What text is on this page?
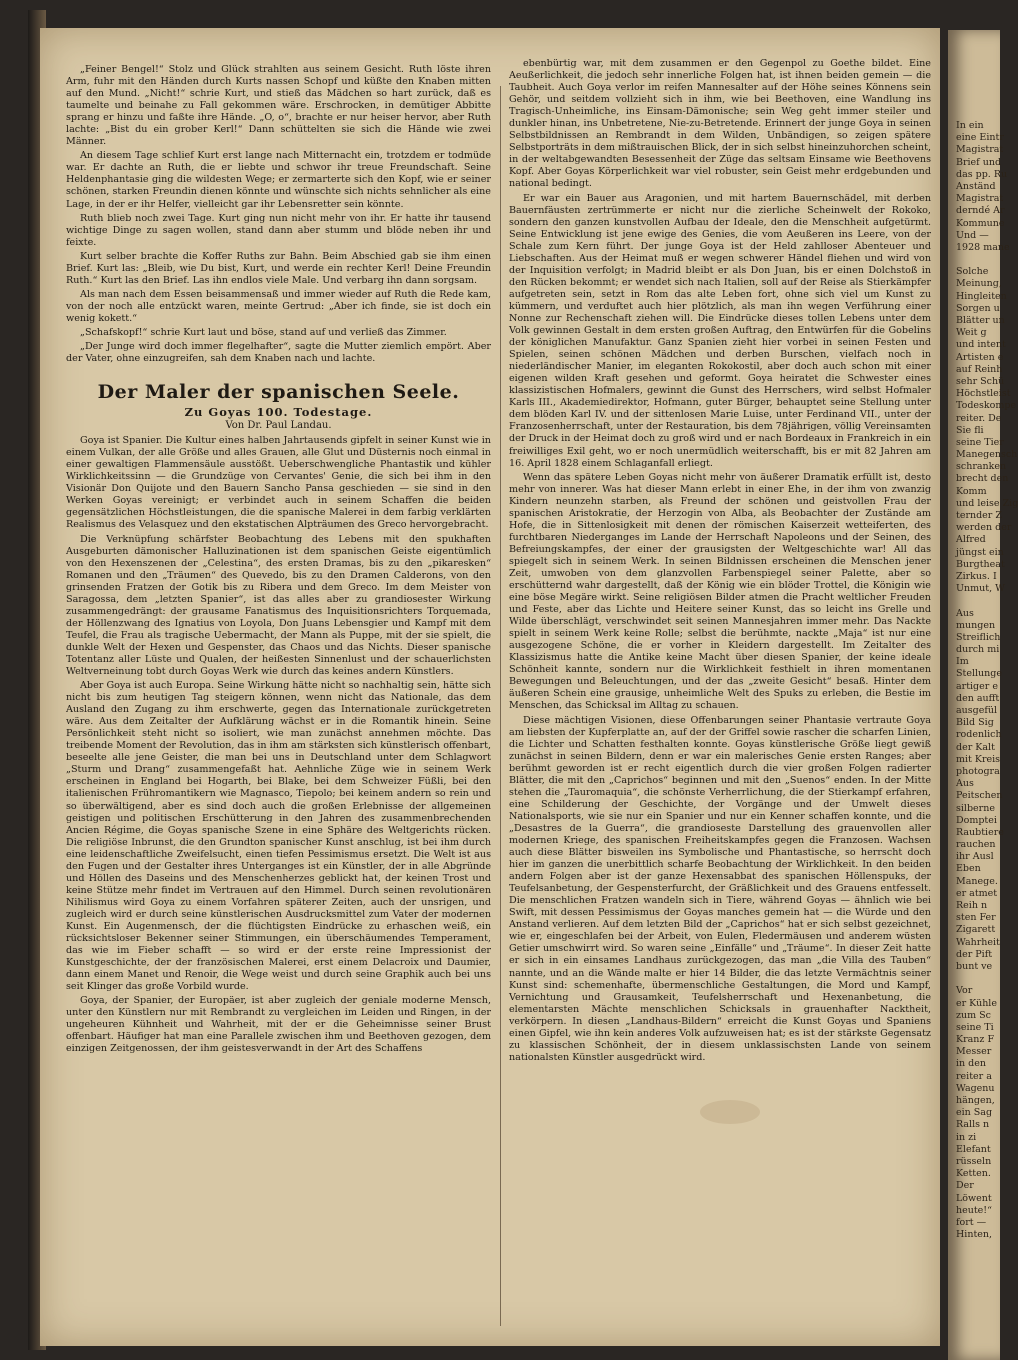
„Feiner Bengel!“ Stolz und Glück strahlten aus seinem Gesicht. Ruth löste ihren Arm, fuhr mit den Händen durch Kurts nassen Schopf und küßte den Knaben mitten auf den Mund. „Nicht!“ schrie Kurt, und stieß das Mädchen so hart zurück, daß es taumelte und beinahe zu Fall gekommen wäre. Erschrocken, in demütiger Abbitte sprang er hinzu und faßte ihre Hände. „O, o“, brachte er nur heiser hervor, aber Ruth lachte: „Bist du ein grober Kerl!“ Dann schüttelten sie sich die Hände wie zwei Männer.

An diesem Tage schlief Kurt erst lange nach Mitternacht ein, trotzdem er todmüde war. Er dachte an Ruth, die er liebte und schwor ihr treue Freundschaft. Seine Heldenphantasie ging die wildesten Wege; er zermarterte sich den Kopf, wie er seiner schönen, starken Freundin dienen könnte und wünschte sich nichts sehnlicher als eine Lage, in der er ihr Helfer, vielleicht gar ihr Lebensretter sein könnte.

Ruth blieb noch zwei Tage. Kurt ging nun nicht mehr von ihr. Er hatte ihr tausend wichtige Dinge zu sagen wollen, stand dann aber stumm und blöde neben ihr und feixte.

Kurt selber brachte die Koffer Ruths zur Bahn. Beim Abschied gab sie ihm einen Brief. Kurt las: „Bleib, wie Du bist, Kurt, und werde ein rechter Kerl! Deine Freundin Ruth.“ Kurt las den Brief. Las ihn endlos viele Male. Und verbarg ihn dann sorgsam.

Als man nach dem Essen beisammensaß und immer wieder auf Ruth die Rede kam, von der noch alle entzückt waren, meinte Gertrud: „Aber ich finde, sie ist doch ein wenig kokett.“

„Schafskopf!“ schrie Kurt laut und böse, stand auf und verließ das Zimmer.

„Der Junge wird doch immer flegelhafter“, sagte die Mutter ziemlich empört. Aber der Vater, ohne einzugreifen, sah dem Knaben nach und lachte.

Der Maler der spanischen Seele.
Zu Goyas 100. Todestage.
Von Dr. Paul Landau.

Goya ist Spanier. Die Kultur eines halben Jahrtausends gipfelt in seiner Kunst wie in einem Vulkan, der alle Größe und alles Grauen, alle Glut und Düsternis noch einmal in einer gewaltigen Flammensäule ausstößt. Ueberschwengliche Phantastik und kühler Wirklichkeitssinn — die Grundzüge von Cervantes' Genie, die sich bei ihm in den Visionär Don Quijote und den Bauern Sancho Pansa geschieden — sie sind in den Werken Goyas vereinigt; er verbindet auch in seinem Schaffen die beiden gegensätzlichen Höchstleistungen, die die spanische Malerei in dem farbig verklärten Realismus des Velasquez und den ekstatischen Alpträumen des Greco hervorgebracht.

Die Verknüpfung schärfster Beobachtung des Lebens mit den spukhaften Ausgeburten dämonischer Halluzinationen ist dem spanischen Geiste eigentümlich von den Hexenszenen der „Celestina“, des ersten Dramas, bis zu den „pikaresken“ Romanen und den „Träumen“ des Quevedo, bis zu den Dramen Calderons, von den grinsenden Fratzen der Gotik bis zu Ribera und dem Greco. Im dem Meister von Saragossa, dem „letzten Spanier“, ist das alles aber zu grandiosester Wirkung zusammengedrängt: der grausame Fanatismus des Inquisitionsrichters Torquemada, der Höllenzwang des Ignatius von Loyola, Don Juans Lebensgier und Kampf mit dem Teufel, die Frau als tragische Uebermacht, der Mann als Puppe, mit der sie spielt, die dunkle Welt der Hexen und Gespenster, das Chaos und das Nichts. Dieser spanische Totentanz aller Lüste und Qualen, der heißesten Sinnenlust und der schauerlichsten Weltverneinung tobt durch Goyas Werk wie durch das keines andern Künstlers.

Aber Goya ist auch Europa. Seine Wirkung hätte nicht so nachhaltig sein, hätte sich nicht bis zum heutigen Tag steigern können, wenn nicht das Nationale, das dem Ausland den Zugang zu ihm erschwerte, gegen das Internationale zurückgetreten wäre. Aus dem Zeitalter der Aufklärung wächst er in die Romantik hinein. Seine Persönlichkeit steht nicht so isoliert, wie man zunächst annehmen möchte. Das treibende Moment der Revolution, das in ihm am stärksten sich künstlerisch offenbart, beseelte alle jene Geister, die man bei uns in Deutschland unter dem Schlagwort „Sturm und Drang“ zusammengefaßt hat. Aehnliche Züge wie in seinem Werk erscheinen in England bei Hogarth, bei Blake, bei dem Schweizer Füßli, bei den italienischen Frühromantikern wie Magnasco, Tiepolo; bei keinem andern so rein und so überwältigend, aber es sind doch auch die großen Erlebnisse der allgemeinen geistigen und politischen Erschütterung in den Jahren des zusammenbrechenden Ancien Régime, die Goyas spanische Szene in eine Sphäre des Weltgerichts rücken. Die religiöse Inbrunst, die den Grundton spanischer Kunst anschlug, ist bei ihm durch eine leidenschaftliche Zweifelsucht, einen tiefen Pessimismus ersetzt. Die Welt ist aus den Fugen und der Gestalter ihres Unterganges ist ein Künstler, der in alle Abgründe und Höllen des Daseins und des Menschenherzes geblickt hat, der keinen Trost und keine Stütze mehr findet im Vertrauen auf den Himmel. Durch seinen revolutionären Nihilismus wird Goya zu einem Vorfahren späterer Zeiten, auch der unsrigen, und zugleich wird er durch seine künstlerischen Ausdrucksmittel zum Vater der modernen Kunst. Ein Augenmensch, der die flüchtigsten Eindrücke zu erhaschen weiß, ein rücksichtsloser Bekenner seiner Stimmungen, ein überschäumendes Temperament, das wie im Fieber schafft — so wird er der erste reine Impressionist der Kunstgeschichte, der der französischen Malerei, erst einem Delacroix und Daumier, dann einem Manet und Renoir, die Wege weist und durch seine Graphik auch bei uns seit Klinger das große Vorbild wurde.

Goya, der Spanier, der Europäer, ist aber zugleich der geniale moderne Mensch, unter den Künstlern nur mit Rembrandt zu vergleichen im Leiden und Ringen, in der ungeheuren Kühnheit und Wahrheit, mit der er die Geheimnisse seiner Brust offenbart. Häufiger hat man eine Parallele zwischen ihm und Beethoven gezogen, dem einzigen Zeitgenossen, der ihm geistesverwandt in der Art des Schaffens

ebenbürtig war, mit dem zusammen er den Gegenpol zu Goethe bildet. Eine Aeußerlichkeit, die jedoch sehr innerliche Folgen hat, ist ihnen beiden gemein — die Taubheit. Auch Goya verlor im reifen Mannesalter auf der Höhe seines Könnens sein Gehör, und seitdem vollzieht sich in ihm, wie bei Beethoven, eine Wandlung ins Tragisch-Unheimliche, ins Einsam-Dämonische; sein Weg geht immer steiler und dunkler hinan, ins Unbetretene, Nie-zu-Betretende. Erinnert der junge Goya in seinen Selbstbildnissen an Rembrandt in dem Wilden, Unbändigen, so zeigen spätere Selbstporträts in dem mißtrauischen Blick, der in sich selbst hineinzuhorchen scheint, in der weltabgewandten Besessenheit der Züge das seltsam Einsame wie Beethovens Kopf. Aber Goyas Körperlichkeit war viel robuster, sein Geist mehr erdgebunden und national bedingt.

Er war ein Bauer aus Aragonien, und mit hartem Bauernschädel, mit derben Bauernfäusten zertrümmerte er nicht nur die zierliche Scheinwelt der Rokoko, sondern den ganzen kunstvollen Aufbau der Ideale, den die Menschheit aufgetürmt. Seine Entwicklung ist jene ewige des Genies, die vom Aeußeren ins Leere, von der Schale zum Kern führt. Der junge Goya ist der Held zahlloser Abenteuer und Liebschaften. Aus der Heimat muß er wegen schwerer Händel fliehen und wird von der Inquisition verfolgt; in Madrid bleibt er als Don Juan, bis er einen Dolchstoß in den Rücken bekommt; er wendet sich nach Italien, soll auf der Reise als Stierkämpfer aufgetreten sein, setzt in Rom das alte Leben fort, ohne sich viel um Kunst zu kümmern, und verduftet auch hier plötzlich, als man ihn wegen Verführung einer Nonne zur Rechenschaft ziehen will. Die Eindrücke dieses tollen Lebens unter dem Volk gewinnen Gestalt in dem ersten großen Auftrag, den Entwürfen für die Gobelins der königlichen Manufaktur. Ganz Spanien zieht hier vorbei in seinen Festen und Spielen, seinen schönen Mädchen und derben Burschen, vielfach noch in niederländischer Manier, im eleganten Rokokostil, aber doch auch schon mit einer eigenen wilden Kraft gesehen und geformt. Goya heiratet die Schwester eines klassizistischen Hofmalers, gewinnt die Gunst des Herrschers, wird selbst Hofmaler Karls III., Akademiedirektor, Hofmann, guter Bürger, behauptet seine Stellung unter dem blöden Karl IV. und der sittenlosen Marie Luise, unter Ferdinand VII., unter der Franzosenherrschaft, unter der Restauration, bis dem 78jährigen, völlig Vereinsamten der Druck in der Heimat doch zu groß wird und er nach Bordeaux in Frankreich in ein freiwilliges Exil geht, wo er noch unermüdlich weiterschafft, bis er mit 82 Jahren am 16. April 1828 einem Schlaganfall erliegt.

Wenn das spätere Leben Goyas nicht mehr von äußerer Dramatik erfüllt ist, desto mehr von innerer. Was hat dieser Mann erlebt in einer Ehe, in der ihm von zwanzig Kindern neunzehn starben, als Freund der schönen und geistvollen Frau der spanischen Aristokratie, der Herzogin von Alba, als Beobachter der Zustände am Hofe, die in Sittenlosigkeit mit denen der römischen Kaiserzeit wetteiferten, des furchtbaren Niederganges im Lande der Herrschaft Napoleons und der Seinen, des Befreiungskampfes, der einer der grausigsten der Weltgeschichte war! All das spiegelt sich in seinem Werk. In seinen Bildnissen erscheinen die Menschen jener Zeit, umwoben von dem glanzvollen Farbenspiegel seiner Palette, aber so erschütternd wahr dargestellt, daß der König wie ein blöder Trottel, die Königin wie eine böse Megäre wirkt. Seine religiösen Bilder atmen die Pracht weltlicher Freuden und Feste, aber das Lichte und Heitere seiner Kunst, das so leicht ins Grelle und Wilde überschlägt, verschwindet seit seinen Mannesjahren immer mehr. Das Nackte spielt in seinem Werk keine Rolle; selbst die berühmte, nackte „Maja“ ist nur eine ausgezogene Schöne, die er vorher in Kleidern dargestellt. Im Zeitalter des Klassizismus hatte die Antike keine Macht über diesen Spanier, der keine ideale Schönheit kannte, sondern nur die Wirklichkeit festhielt in ihren momentanen Bewegungen und Beleuchtungen, und der das „zweite Gesicht“ besaß. Hinter dem äußeren Schein eine grausige, unheimliche Welt des Spuks zu erleben, die Bestie im Menschen, das Schicksal im Alltag zu schauen.

Diese mächtigen Visionen, diese Offenbarungen seiner Phantasie vertraute Goya am liebsten der Kupferplatte an, auf der der Griffel sowie rascher die scharfen Linien, die Lichter und Schatten festhalten konnte. Goyas künstlerische Größe liegt gewiß zunächst in seinen Bildern, denn er war ein malerisches Genie ersten Ranges; aber berühmt geworden ist er recht eigentlich durch die vier großen Folgen radierter Blätter, die mit den „Caprichos“ beginnen und mit den „Suenos“ enden. In der Mitte stehen die „Tauromaquia“, die schönste Verherrlichung, die der Stierkampf erfahren, eine Schilderung der Geschichte, der Vorgänge und der Umwelt dieses Nationalsports, wie sie nur ein Spanier und nur ein Kenner schaffen konnte, und die „Desastres de la Guerra“, die grandioseste Darstellung des grauenvollen aller modernen Kriege, des spanischen Freiheitskampfes gegen die Franzosen. Wachsen auch diese Blätter bisweilen ins Symbolische und Phantastische, so herrscht doch hier im ganzen die unerbittlich scharfe Beobachtung der Wirklichkeit. In den beiden andern Folgen aber ist der ganze Hexensabbat des spanischen Höllenspuks, der Teufelsanbetung, der Gespensterfurcht, der Gräßlichkeit und des Grauens entfesselt. Die menschlichen Fratzen wandeln sich in Tiere, während Goyas — ähnlich wie bei Swift, mit dessen Pessimismus der Goyas manches gemein hat — die Würde und den Anstand verlieren. Auf dem letzten Bild der „Caprichos“ hat er sich selbst gezeichnet, wie er, eingeschlafen bei der Arbeit, von Eulen, Fledermäusen und anderem wüsten Getier umschwirrt wird. So waren seine „Einfälle“ und „Träume“. In dieser Zeit hatte er sich in ein einsames Landhaus zurückgezogen, das man „die Villa des Tauben“ nannte, und an die Wände malte er hier 14 Bilder, die das letzte Vermächtnis seiner Kunst sind: schemenhafte, übermenschliche Gestaltungen, die Mord und Kampf, Vernichtung und Grausamkeit, Teufelsherrschaft und Hexenanbetung, die elementarsten Mächte menschlichen Schicksals in grauenhafter Nacktheit, verkörpern. In diesen „Landhaus-Bildern“ erreicht die Kunst Goyas und Spaniens einen Gipfel, wie ihn kein anderes Volk aufzuweisen hat; es ist der stärkste Gegensatz zu klassischen Schönheit, der in diesem unklassischsten Lande von seinem nationalsten Künstler ausgedrückt wird.

In ein
eine Eintr
Magistrat
Brief und
das pp. Ru
Anständ
Magistrat
derndé Ar
Kommune
Und —
1928 mane
Solche
Meinung,
Hingleiten
Sorgen u
Blätter un
Weit g
und intent
Artisten e
auf Reinh
sehr Schü
Höchstleist
Todeskompe
reiter. De
Sie fli
seine Tier
Manegensch
schranken
brecht den
Komm
und leise Zig
ternder Z
werden der
Alfred
jüngst ein
Burgtheat
Zirkus. I
Unmut, W
Aus
mungen
Streiflich
durch mi
Im
Stellunge
artiger e
den aufft
ausgefül
Bild Sig
rodenlich
der Kalt
mit Kreis
photogra
Aus
Peitschen
silberne
Domptei
Raubtiere
rauchen
ihr Ausl
Eben
Manege.
er atmet
Reih n
sten Fer
Zigarett
Wahrheit
der Pift
bunt ve
Vor
er Kühle
zum Sc
seine Ti
Kranz F
Messer
in den
reiter a
Wagenu
hängen,
ein Sag
Ralls n
in zi
Elefant
rüsseln
Ketten.
Der
Löwent
heute!“
fort —
Hinten,
